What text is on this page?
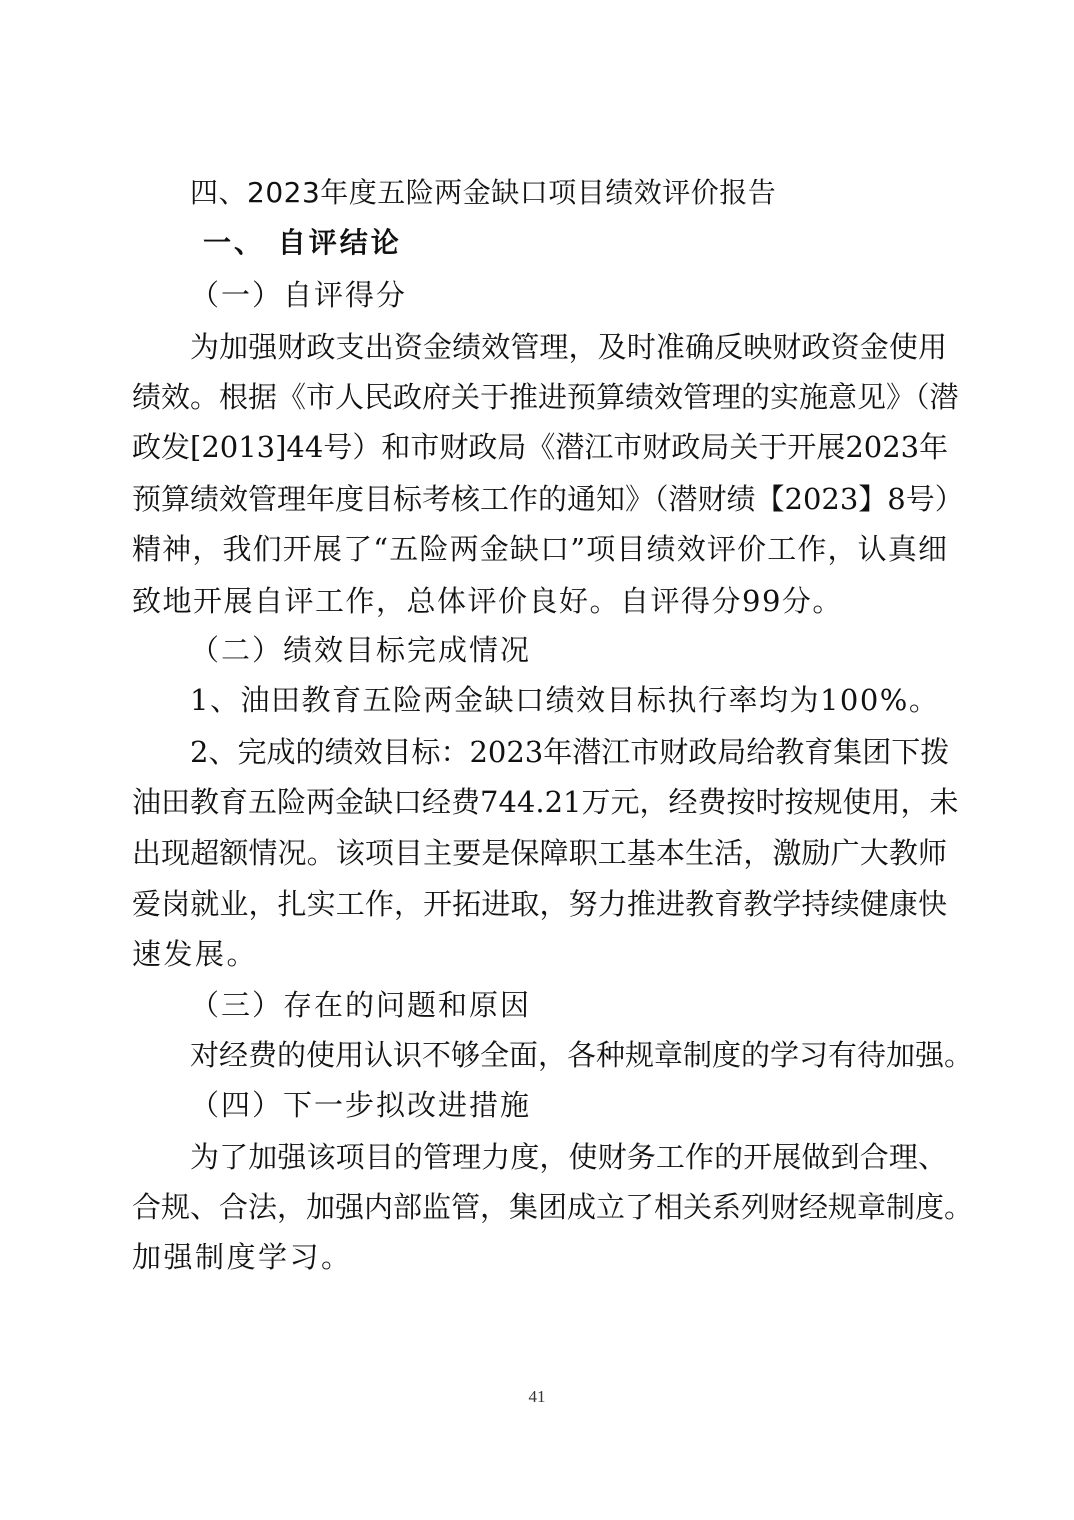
四、2023年度五险两金缺口项目绩效评价报告
一、 自评结论
（一）自评得分
为加强财政支出资金绩效管理，及时准确反映财政资金使用
绩效。根据《市人民政府关于推进预算绩效管理的实施意见》（潜
政发[2013]44号）和市财政局《潜江市财政局关于开展2023年
预算绩效管理年度目标考核工作的通知》（潜财绩【2023】8号）
精神，我们开展了“五险两金缺口”项目绩效评价工作，认真细
致地开展自评工作，总体评价良好。自评得分99分。
（二）绩效目标完成情况
1、油田教育五险两金缺口绩效目标执行率均为100%。
2、完成的绩效目标：2023年潜江市财政局给教育集团下拨
油田教育五险两金缺口经费744.21万元，经费按时按规使用，未
出现超额情况。该项目主要是保障职工基本生活，激励广大教师
爱岗就业，扎实工作，开拓进取，努力推进教育教学持续健康快
速发展。
（三）存在的问题和原因
对经费的使用认识不够全面，各种规章制度的学习有待加强。
（四）下一步拟改进措施
为了加强该项目的管理力度，使财务工作的开展做到合理、
合规、合法，加强内部监管，集团成立了相关系列财经规章制度。
加强制度学习。
41
